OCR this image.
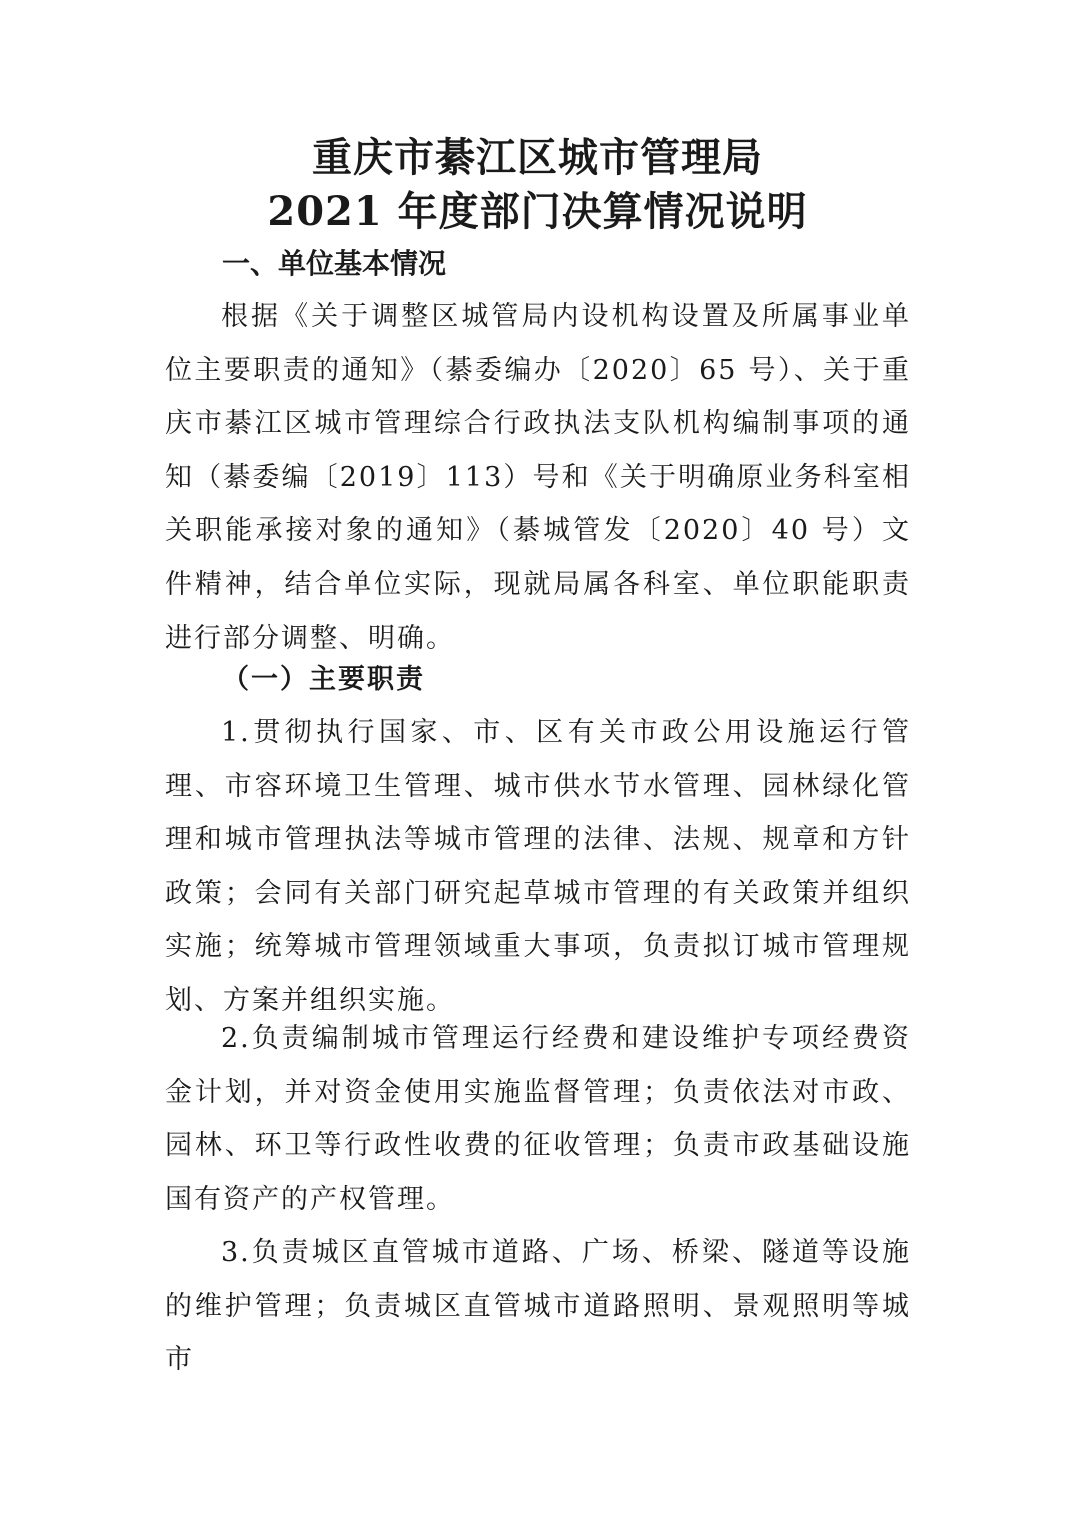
重庆市綦江区城市管理局
2021 年度部门决算情况说明
一、单位基本情况

根据《关于调整区城管局内设机构设置及所属事业单位主要职责的通知》（綦委编办〔2020〕65 号）、关于重庆市綦江区城市管理综合行政执法支队机构编制事项的通知（綦委编〔2019〕113）号和《关于明确原业务科室相关职能承接对象的通知》（綦城管发〔2020〕40 号）文件精神，结合单位实际，现就局属各科室、单位职能职责进行部分调整、明确。

（一）主要职责

1.贯彻执行国家、市、区有关市政公用设施运行管理、市容环境卫生管理、城市供水节水管理、园林绿化管理和城市管理执法等城市管理的法律、法规、规章和方针政策；会同有关部门研究起草城市管理的有关政策并组织实施；统筹城市管理领域重大事项，负责拟订城市管理规划、方案并组织实施。

2.负责编制城市管理运行经费和建设维护专项经费资金计划，并对资金使用实施监督管理；负责依法对市政、园林、环卫等行政性收费的征收管理；负责市政基础设施国有资产的产权管理。

3.负责城区直管城市道路、广场、桥梁、隧道等设施的维护管理；负责城区直管城市道路照明、景观照明等城市
